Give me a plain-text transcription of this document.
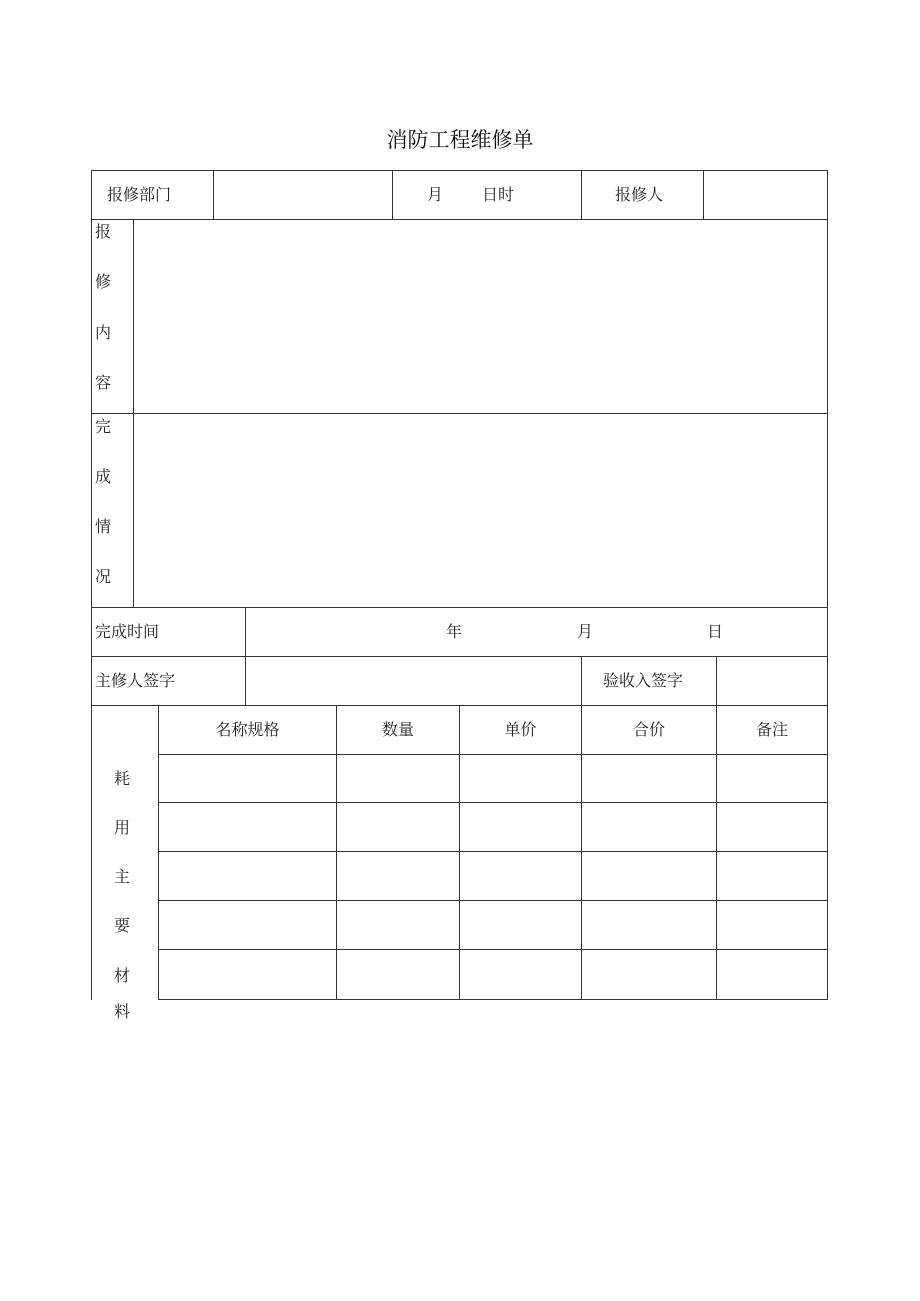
消防工程维修单
报修部门	月 日时	报修人
报
修
内
容
完
成
情
况
完成时间	年	月	日
主修人签字	验收入签字
耗
用
主
要
材
料
名称规格	数量	单价	合价	备注
